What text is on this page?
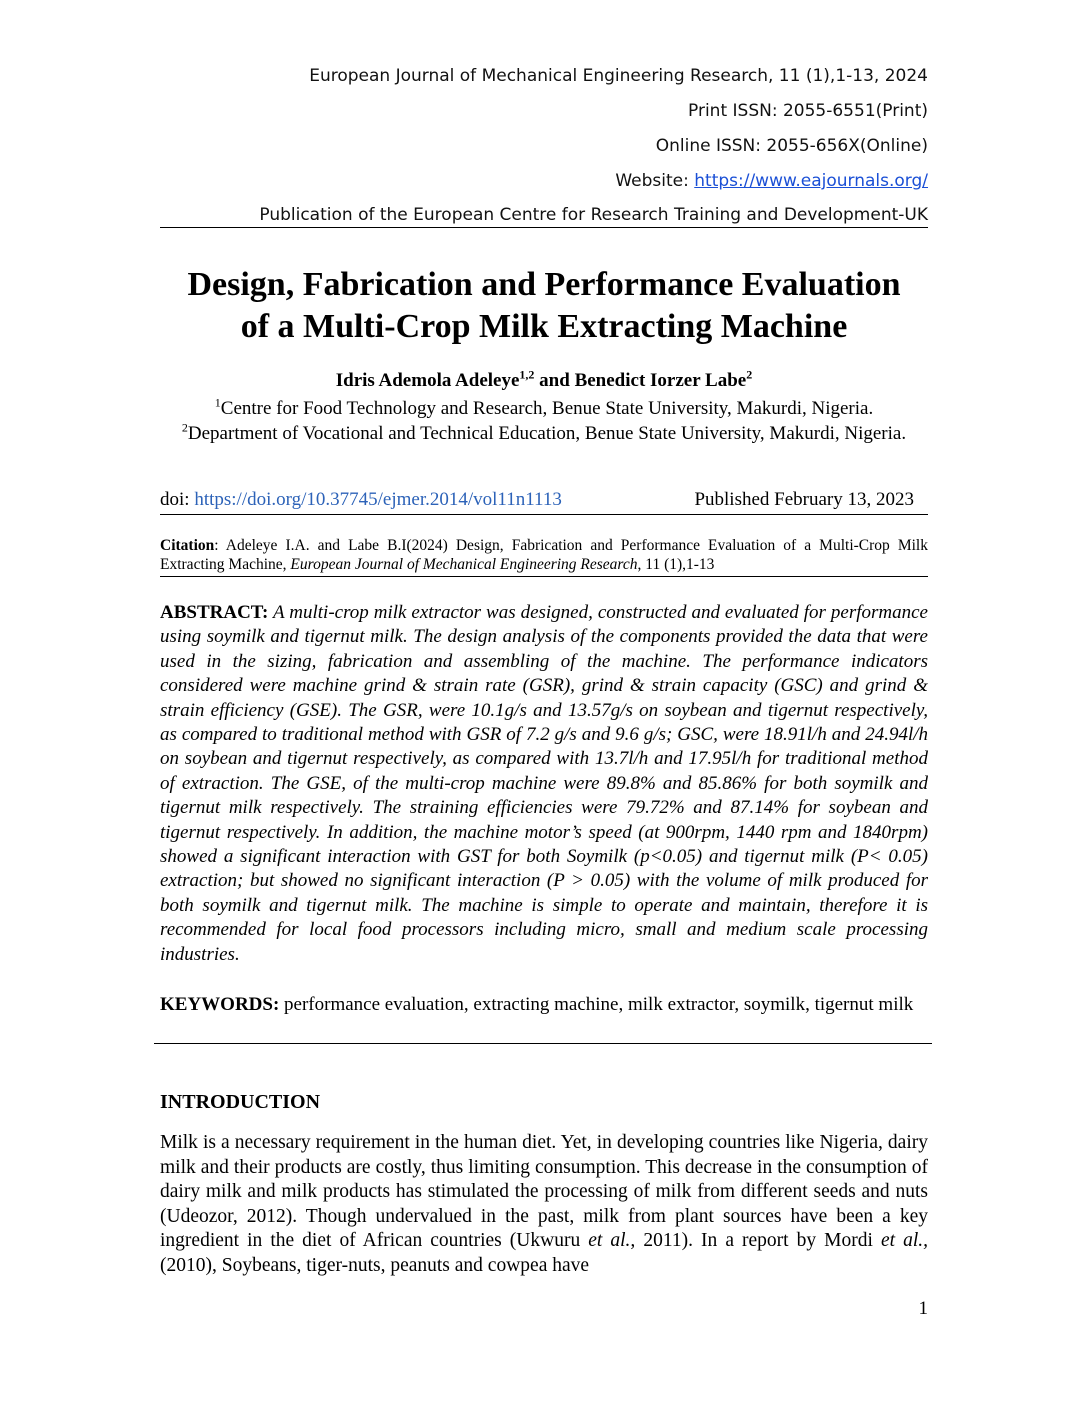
European Journal of Mechanical Engineering Research, 11 (1),1-13, 2024
Print ISSN: 2055-6551(Print)
Online ISSN: 2055-656X(Online)
Website: https://www.eajournals.org/
Publication of the European Centre for Research Training and Development-UK
Design, Fabrication and Performance Evaluation
of a Multi-Crop Milk Extracting Machine
Idris Ademola Adeleye$^{1,2}$ and Benedict Iorzer Labe$^2$
$^1$Centre for Food Technology and Research, Benue State University, Makurdi, Nigeria.
$^2$Department of Vocational and Technical Education, Benue State University, Makurdi, Nigeria.
doi: https://doi.org/10.37745/ejmer.2014/vol11n1113	Published February 13, 2023
Citation: Adeleye I.A. and Labe B.I(2024) Design, Fabrication and Performance Evaluation of a Multi-Crop Milk Extracting Machine, European Journal of Mechanical Engineering Research, 11 (1),1-13
ABSTRACT: A multi-crop milk extractor was designed, constructed and evaluated for performance using soymilk and tigernut milk. The design analysis of the components provided the data that were used in the sizing, fabrication and assembling of the machine. The performance indicators considered were machine grind & strain rate (GSR), grind & strain capacity (GSC) and grind & strain efficiency (GSE). The GSR, were 10.1g/s and 13.57g/s on soybean and tigernut respectively, as compared to traditional method with GSR of 7.2 g/s and 9.6 g/s; GSC, were 18.91l/h and 24.94l/h on soybean and tigernut respectively, as compared with 13.7l/h and 17.95l/h for traditional method of extraction. The GSE, of the multi-crop machine were 89.8% and 85.86% for both soymilk and tigernut milk respectively. The straining efficiencies were 79.72% and 87.14% for soybean and tigernut respectively. In addition, the machine motor’s speed (at 900rpm, 1440 rpm and 1840rpm) showed a significant interaction with GST for both Soymilk (p<0.05) and tigernut milk (P< 0.05) extraction; but showed no significant interaction (P > 0.05) with the volume of milk produced for both soymilk and tigernut milk. The machine is simple to operate and maintain, therefore it is recommended for local food processors including micro, small and medium scale processing industries.
KEYWORDS: performance evaluation, extracting machine, milk extractor, soymilk, tigernut milk
INTRODUCTION
Milk is a necessary requirement in the human diet. Yet, in developing countries like Nigeria, dairy milk and their products are costly, thus limiting consumption. This decrease in the consumption of dairy milk and milk products has stimulated the processing of milk from different seeds and nuts (Udeozor, 2012). Though undervalued in the past, milk from plant sources have been a key ingredient in the diet of African countries (Ukwuru et al., 2011). In a report by Mordi et al., (2010), Soybeans, tiger-nuts, peanuts and cowpea have
1
